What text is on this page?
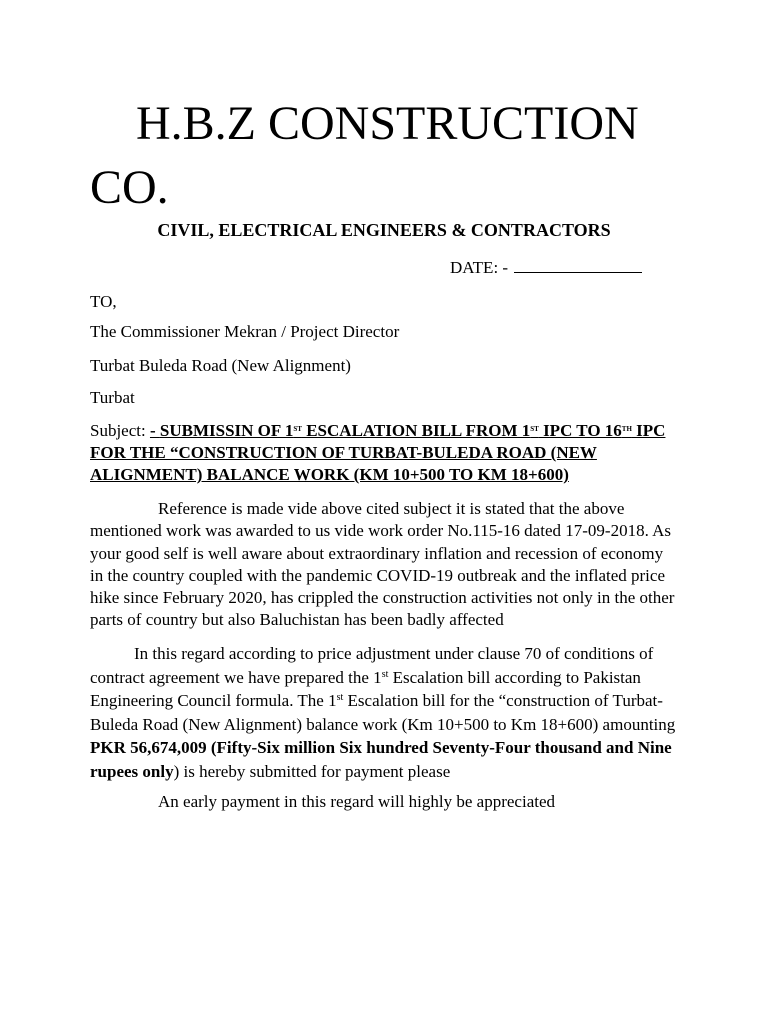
H.B.Z CONSTRUCTION CO.

CIVIL, ELECTRICAL ENGINEERS & CONTRACTORS

DATE: -

TO,

The Commissioner Mekran / Project Director

Turbat Buleda Road (New Alignment)

Turbat

Subject: - SUBMISSIN OF 1ST ESCALATION BILL FROM 1ST IPC TO 16TH IPC FOR THE “CONSTRUCTION OF TURBAT-BULEDA ROAD (NEW ALIGNMENT) BALANCE WORK (KM 10+500 TO KM 18+600)

Reference is made vide above cited subject it is stated that the above mentioned work was awarded to us vide work order No.115-16 dated 17-09-2018. As your good self is well aware about extraordinary inflation and recession of economy in the country coupled with the pandemic COVID-19 outbreak and the inflated price hike since February 2020, has crippled the construction activities not only in the other parts of country but also Baluchistan has been badly affected

In this regard according to price adjustment under clause 70 of conditions of contract agreement we have prepared the 1st Escalation bill according to Pakistan Engineering Council formula. The 1st Escalation bill for the “construction of Turbat-Buleda Road (New Alignment) balance work (Km 10+500 to Km 18+600) amounting PKR 56,674,009 (Fifty-Six million Six hundred Seventy-Four thousand and Nine rupees only) is hereby submitted for payment please

An early payment in this regard will highly be appreciated
